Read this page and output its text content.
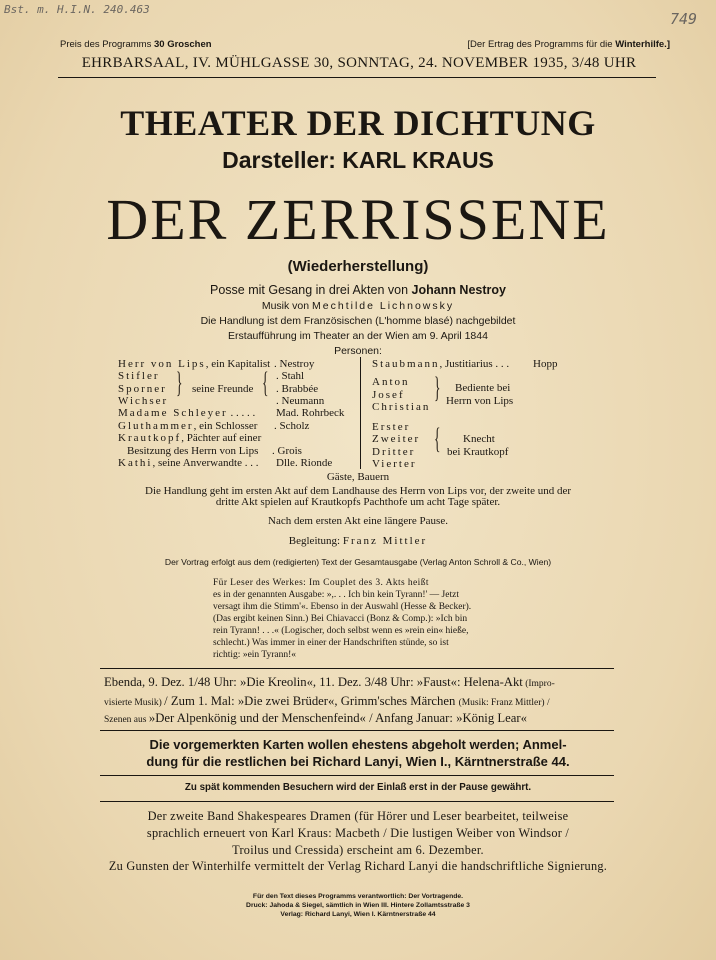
Bst. m. H.I.N. 240.463
749
Preis des Programms 30 Groschen	[Der Ertrag des Programms für die Winterhilfe.]
EHRBARSAAL, IV. MÜHLGASSE 30, SONNTAG, 24. NOVEMBER 1935, 3/48 UHR
THEATER DER DICHTUNG
Darsteller: KARL KRAUS
DER ZERRISSENE
(Wiederherstellung)
Posse mit Gesang in drei Akten von Johann Nestroy
Musik von Mechtilde Lichnowsky
Die Handlung ist dem Französischen (L'homme blasé) nachgebildet
Erstaufführung im Theater an der Wien am 9. April 1844
Personen:
Herr von Lips, ein Kapitalist . Nestroy
Stifler
Sporner
Wichser
} seine Freunde { . Stahl
. Brabbée
. Neumann
Madame Schleyer . . . . . Mad. Rohrbeck
Gluthammer, ein Schlosser . Scholz
Krautkopf, Pächter auf einer
Besitzung des Herrn von Lips . Grois
Kathi, seine Anverwandte . . . Dlle. Rionde
Staubmann, Justitiarius . . . Hopp
Anton
Josef
Christian
} Bediente bei
Herrn von Lips
Erster
Zweiter
Dritter
Vierter
{ Knecht
bei Krautkopf
Gäste, Bauern
Die Handlung geht im ersten Akt auf dem Landhause des Herrn von Lips vor, der zweite und der
dritte Akt spielen auf Krautkopfs Pachthofe um acht Tage später.
Nach dem ersten Akt eine längere Pause.
Begleitung: Franz Mittler
Der Vortrag erfolgt aus dem (redigierten) Text der Gesamtausgabe (Verlag Anton Schroll & Co., Wien)
Für Leser des Werkes: Im Couplet des 3. Akts heißt
es in der genannten Ausgabe: »,. . . Ich bin kein Tyrann!' — Jetzt
versagt ihm die Stimm'«. Ebenso in der Auswahl (Hesse & Becker).
(Das ergibt keinen Sinn.) Bei Chiavacci (Bonz & Comp.): »Ich bin
rein Tyrann! . . .« (Logischer, doch selbst wenn es »rein ein« hieße,
schlecht.) Was immer in einer der Handschriften stünde, so ist
richtig: »ein Tyrann!«
Ebenda, 9. Dez. 1/48 Uhr: »Die Kreolin«, 11. Dez. 3/48 Uhr: »Faust«: Helena-Akt (Impro-
visierte Musik) / Zum 1. Mal: »Die zwei Brüder«, Grimm'sches Märchen (Musik: Franz Mittler) /
Szenen aus »Der Alpenkönig und der Menschenfeind« / Anfang Januar: »König Lear«
Die vorgemerkten Karten wollen ehestens abgeholt werden; Anmel-
dung für die restlichen bei Richard Lanyi, Wien I., Kärntnerstraße 44.
Zu spät kommenden Besuchern wird der Einlaß erst in der Pause gewährt.
Der zweite Band Shakespeares Dramen (für Hörer und Leser bearbeitet, teilweise
sprachlich erneuert von Karl Kraus: Macbeth / Die lustigen Weiber von Windsor /
Troilus und Cressida) erscheint am 6. Dezember.
Zu Gunsten der Winterhilfe vermittelt der Verlag Richard Lanyi die handschriftliche Signierung.
Für den Text dieses Programms verantwortlich: Der Vortragende.
Druck: Jahoda & Siegel, sämtlich in Wien III. Hintere Zollamtsstraße 3
Verlag: Richard Lanyi, Wien I. Kärntnerstraße 44
